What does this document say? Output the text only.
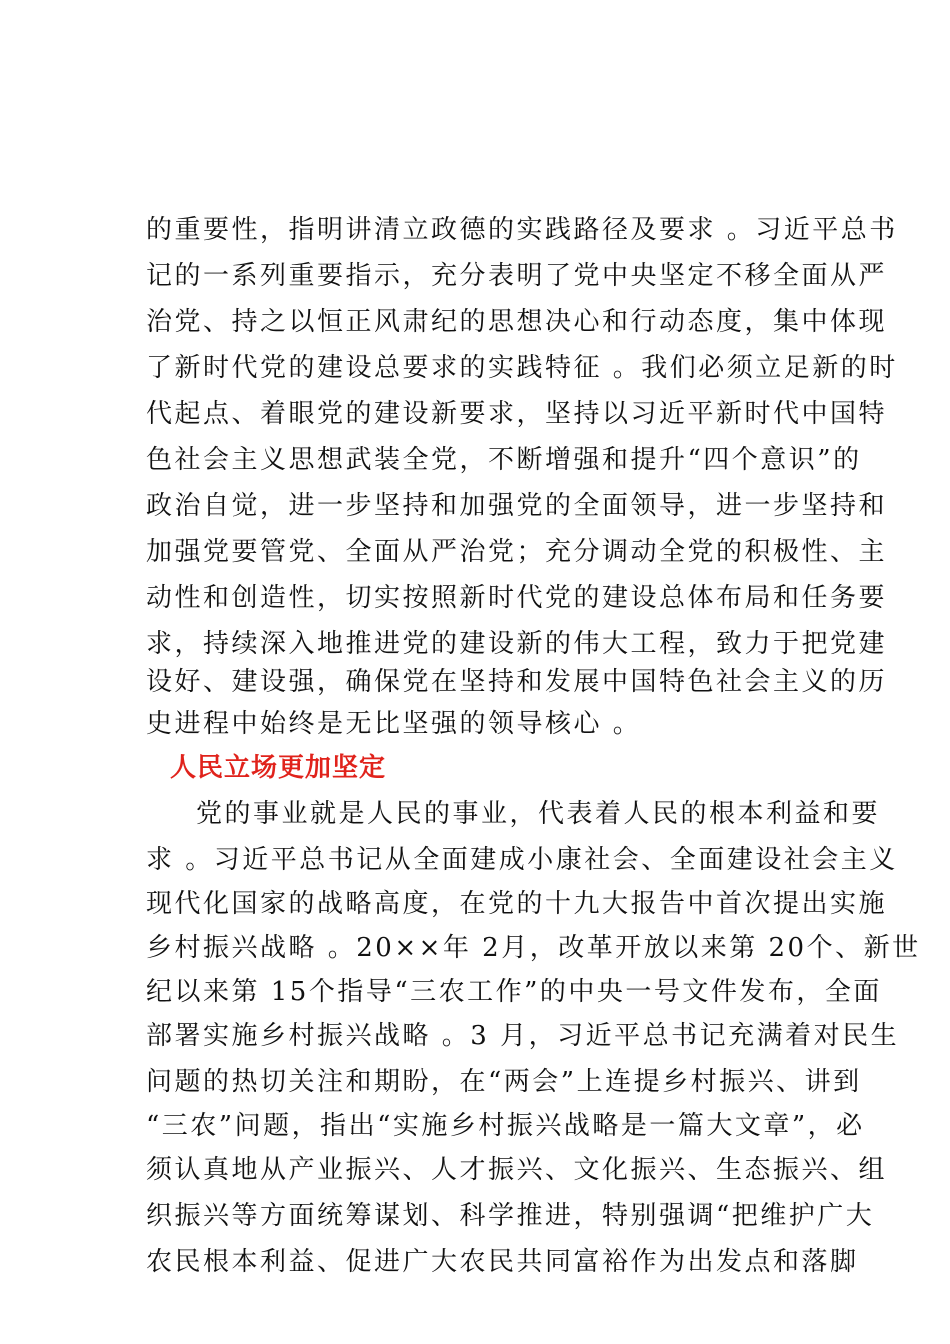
的重要性，指明讲清立政德的实践路径及要求 。习近平总书

记的一系列重要指示，充分表明了党中央坚定不移全面从严

治党、持之以恒正风肃纪的思想决心和行动态度，集中体现

了新时代党的建设总要求的实践特征 。我们必须立足新的时

代起点、着眼党的建设新要求，坚持以习近平新时代中国特

色社会主义思想武装全党，不断增强和提升“四个意识”的

政治自觉，进一步坚持和加强党的全面领导，进一步坚持和

加强党要管党、全面从严治党；充分调动全党的积极性、主

动性和创造性，切实按照新时代党的建设总体布局和任务要

求，持续深入地推进党的建设新的伟大工程，致力于把党建

设好、建设强，确保党在坚持和发展中国特色社会主义的历

史进程中始终是无比坚强的领导核心 。

人民立场更加坚定

党的事业就是人民的事业，代表着人民的根本利益和要

求 。习近平总书记从全面建成小康社会、全面建设社会主义

现代化国家的战略高度，在党的十九大报告中首次提出实施

乡村振兴战略 。20××年 2月，改革开放以来第 20个、新世

纪以来第 15个指导“三农工作”的中央一号文件发布，全面

部署实施乡村振兴战略 。3 月，习近平总书记充满着对民生

问题的热切关注和期盼，在“两会”上连提乡村振兴、讲到

“三农”问题，指出“实施乡村振兴战略是一篇大文章”，必

须认真地从产业振兴、人才振兴、文化振兴、生态振兴、组

织振兴等方面统筹谋划、科学推进，特别强调“把维护广大

农民根本利益、促进广大农民共同富裕作为出发点和落脚
